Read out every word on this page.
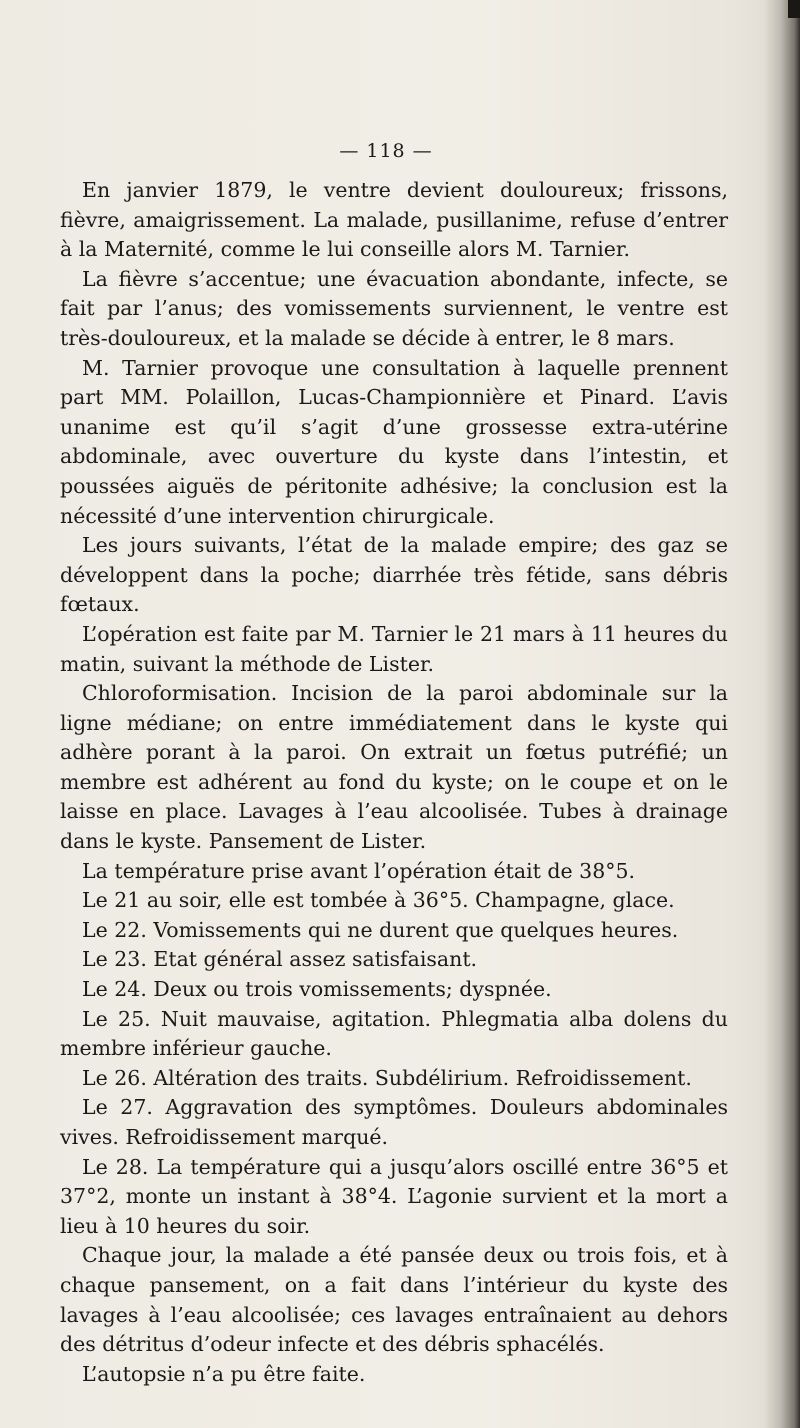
— 118 —

En janvier 1879, le ventre devient douloureux; frissons, fièvre, amaigrissement. La malade, pusillanime, refuse d’entrer à la Maternité, comme le lui conseille alors M. Tarnier.

La fièvre s’accentue; une évacuation abondante, infecte, se fait par l’anus; des vomissements surviennent, le ventre est très-douloureux, et la malade se décide à entrer, le 8 mars.

M. Tarnier provoque une consultation à laquelle prennent part MM. Polaillon, Lucas-Championnière et Pinard. L’avis unanime est qu’il s’agit d’une grossesse extra-utérine abdominale, avec ouverture du kyste dans l’intestin, et poussées aiguës de péritonite adhésive; la conclusion est la nécessité d’une intervention chirurgicale.

Les jours suivants, l’état de la malade empire; des gaz se développent dans la poche; diarrhée très fétide, sans débris fœtaux.

L’opération est faite par M. Tarnier le 21 mars à 11 heures du matin, suivant la méthode de Lister.

Chloroformisation. Incision de la paroi abdominale sur la ligne médiane; on entre immédiatement dans le kyste qui adhère porant à la paroi. On extrait un fœtus putréfié; un membre est adhérent au fond du kyste; on le coupe et on le laisse en place. Lavages à l’eau alcoolisée. Tubes à drainage dans le kyste. Pansement de Lister.

La température prise avant l’opération était de 38°5.

Le 21 au soir, elle est tombée à 36°5. Champagne, glace.

Le 22. Vomissements qui ne durent que quelques heures.

Le 23. Etat général assez satisfaisant.

Le 24. Deux ou trois vomissements; dyspnée.

Le 25. Nuit mauvaise, agitation. Phlegmatia alba dolens du membre inférieur gauche.

Le 26. Altération des traits. Subdélirium. Refroidissement.

Le 27. Aggravation des symptômes. Douleurs abdominales vives. Refroidissement marqué.

Le 28. La température qui a jusqu’alors oscillé entre 36°5 et 37°2, monte un instant à 38°4. L’agonie survient et la mort a lieu à 10 heures du soir.

Chaque jour, la malade a été pansée deux ou trois fois, et à chaque pansement, on a fait dans l’intérieur du kyste des lavages à l’eau alcoolisée; ces lavages entraînaient au dehors des détritus d’odeur infecte et des débris sphacélés.

L’autopsie n’a pu être faite.
